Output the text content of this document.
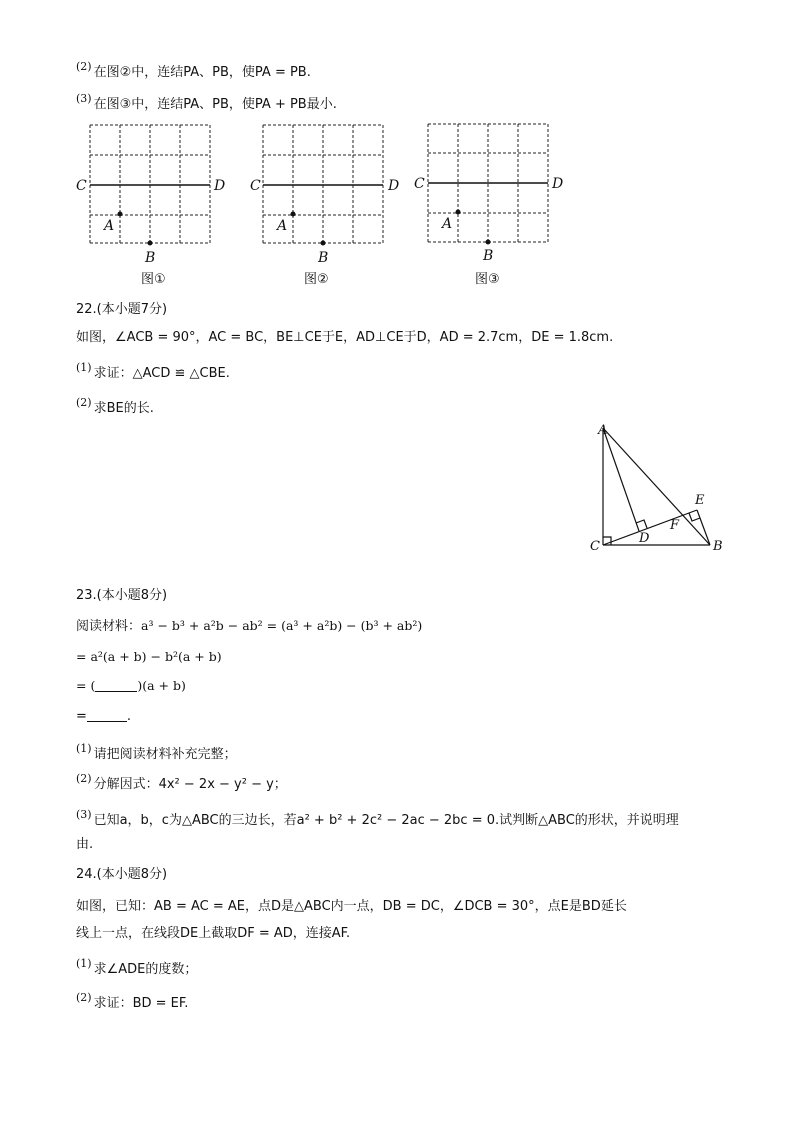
$^{(2)}$ 在图②中，连结PA、PB，使PA = PB.
$^{(3)}$ 在图③中，连结PA、PB，使PA + PB最小.
C	D
A
B
C	D
A
B
C	D
A
B
图①	图②	图③
22.(本小题7分)
如图，∠ACB = 90°，AC = BC，BE⊥CE于E，AD⊥CE于D，AD = 2.7cm，DE = 1.8cm.
$^{(1)}$ 求证：△ACD ≌ △CBE.
$^{(2)}$ 求BE的长.
A
B
C
D
E
F
23.(本小题8分)
阅读材料：a³ − b³ + a²b − ab² = (a³ + a²b) − (b³ + ab²)
= a²(a + b) − b²(a + b)
= (	)(a + b)
=	.
$^{(1)}$ 请把阅读材料补充完整；
$^{(2)}$ 分解因式：4x² − 2x − y² − y；
$^{(3)}$ 已知a，b，c为△ABC的三边长，若a² + b² + 2c² − 2ac − 2bc = 0.试判断△ABC的形状，并说明理
由.
24.(本小题8分)
如图，已知：AB = AC = AE，点D是△ABC内一点，DB = DC，∠DCB = 30°，点E是BD延长
线上一点，在线段DE上截取DF = AD，连接AF.
$^{(1)}$ 求∠ADE的度数；
$^{(2)}$ 求证：BD = EF.
